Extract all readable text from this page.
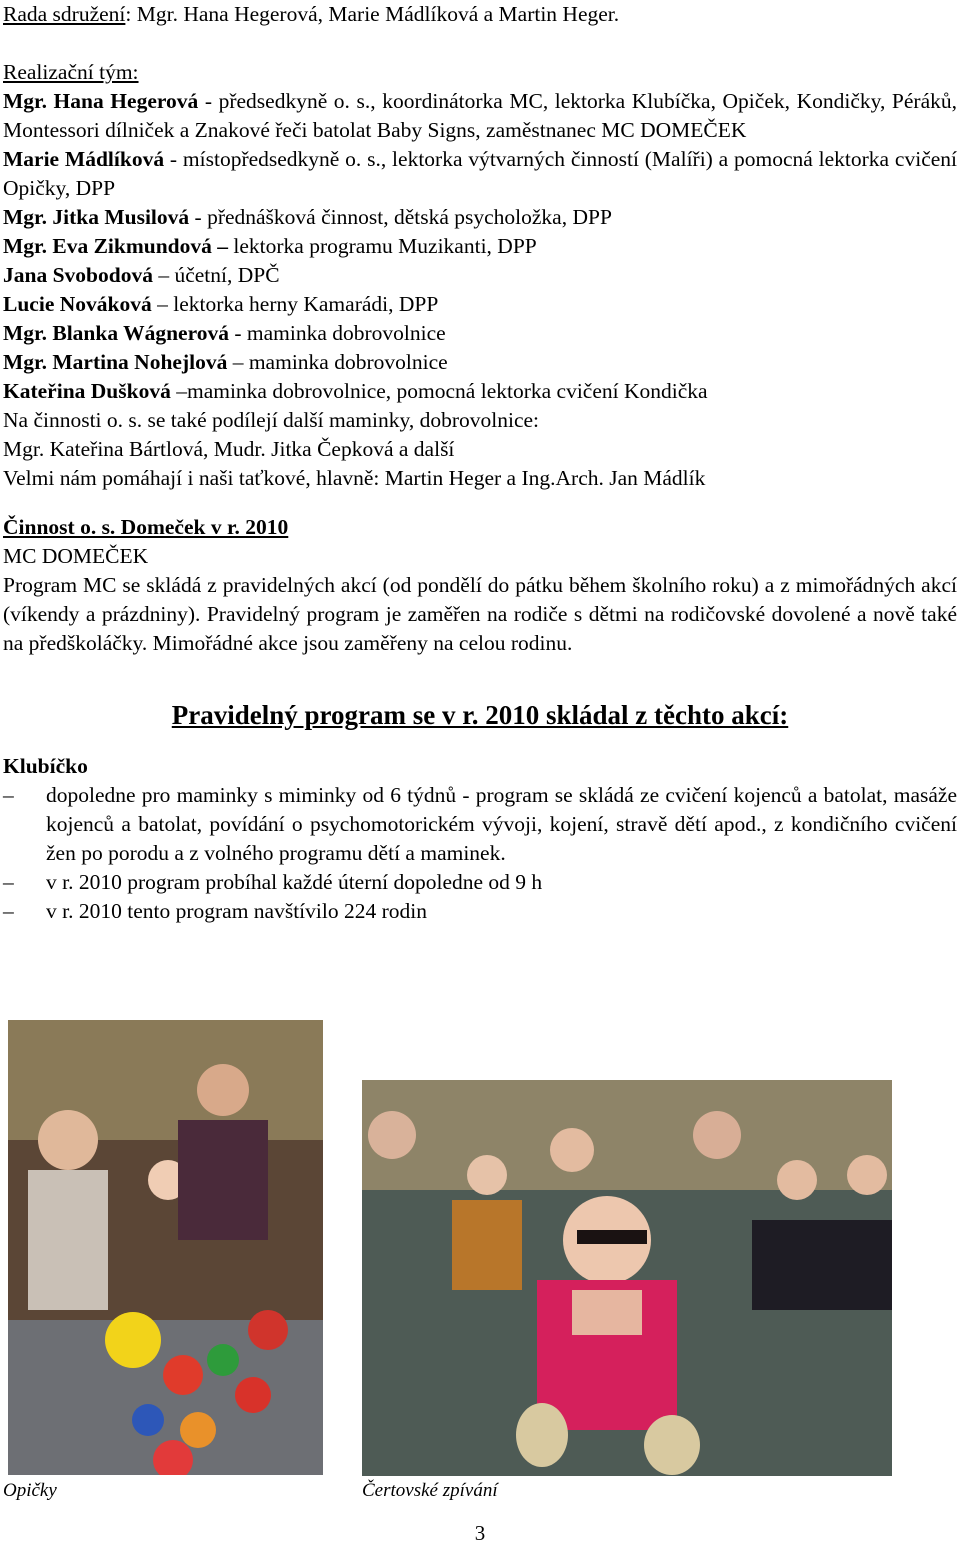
Rada sdružení: Mgr. Hana Hegerová, Marie Mádlíková a Martin Heger.
Realizační tým:
Mgr. Hana Hegerová - předsedkyně o. s., koordinátorka MC, lektorka Klubíčka, Opiček, Kondičky, Péráků, Montessori dílniček a Znakové řeči batolat Baby Signs, zaměstnanec MC DOMEČEK
Marie Mádlíková - místopředsedkyně o. s., lektorka výtvarných činností (Malíři) a pomocná lektorka cvičení Opičky, DPP
Mgr. Jitka Musilová - přednášková činnost, dětská psycholožka, DPP
Mgr. Eva Zikmundová – lektorka programu Muzikanti, DPP
Jana Svobodová – účetní, DPČ
Lucie Nováková – lektorka herny Kamarádi, DPP
Mgr. Blanka Wágnerová - maminka dobrovolnice
Mgr. Martina Nohejlová – maminka dobrovolnice
Kateřina Dušková –maminka dobrovolnice, pomocná lektorka cvičení Kondička
Na činnosti o. s. se také podílejí další maminky, dobrovolnice:
Mgr. Kateřina Bártlová, Mudr. Jitka Čepková a další
Velmi nám pomáhají i naši taťkové, hlavně: Martin Heger a Ing.Arch. Jan Mádlík
Činnost o. s. Domeček v r. 2010
MC DOMEČEK
Program MC se skládá z pravidelných akcí (od pondělí do pátku během školního roku) a z mimořádných akcí (víkendy a prázdniny). Pravidelný program je zaměřen na rodiče s dětmi na rodičovské dovolené a nově také na předškoláčky. Mimořádné akce jsou zaměřeny na celou rodinu.
Pravidelný program se v r. 2010 skládal z těchto akcí:
Klubíčko
– dopoledne pro maminky s miminky od 6 týdnů - program se skládá ze cvičení kojenců a batolat, masáže kojenců a batolat, povídání o psychomotorickém vývoji, kojení, stravě dětí apod., z kondičního cvičení žen po porodu a z volného programu dětí a maminek.
– v r. 2010 program probíhal každé úterní dopoledne od 9 h
– v r. 2010 tento program navštívilo 224 rodin
Opičky	Čertovské zpívání
3
